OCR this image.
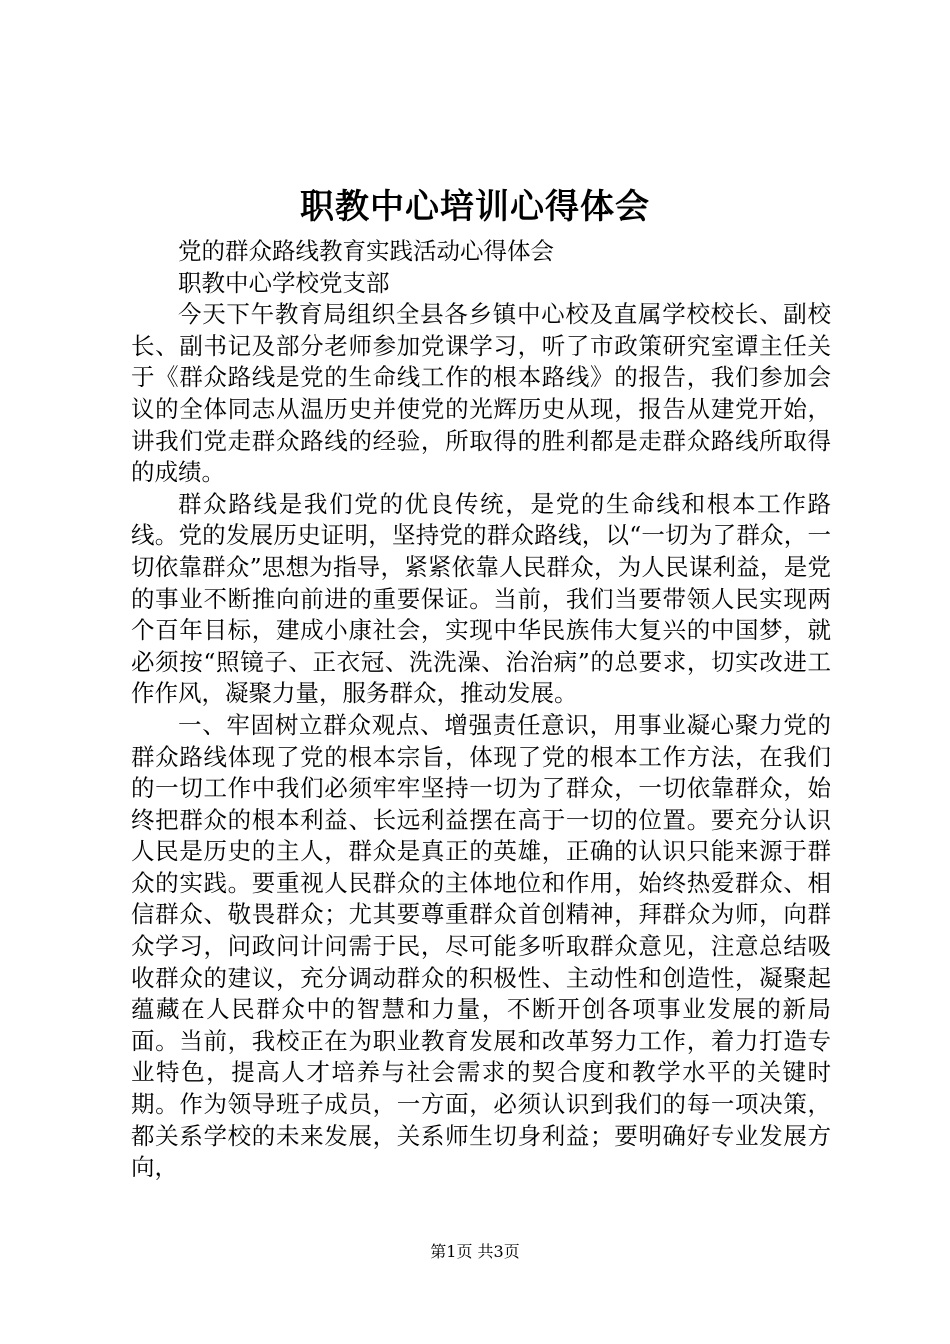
职教中心培训心得体会

党的群众路线教育实践活动心得体会

职教中心学校党支部

今天下午教育局组织全县各乡镇中心校及直属学校校长、副校长、副书记及部分老师参加党课学习，听了市政策研究室谭主任关于《群众路线是党的生命线工作的根本路线》的报告，我们参加会议的全体同志从温历史并使党的光辉历史从现，报告从建党开始，讲我们党走群众路线的经验，所取得的胜利都是走群众路线所取得的成绩。

群众路线是我们党的优良传统，是党的生命线和根本工作路线。党的发展历史证明，坚持党的群众路线，以“一切为了群众，一切依靠群众”思想为指导，紧紧依靠人民群众，为人民谋利益，是党的事业不断推向前进的重要保证。当前，我们当要带领人民实现两个百年目标，建成小康社会，实现中华民族伟大复兴的中国梦，就必须按“照镜子、正衣冠、洗洗澡、治治病”的总要求，切实改进工作作风，凝聚力量，服务群众，推动发展。

一、牢固树立群众观点、增强责任意识，用事业凝心聚力党的群众路线体现了党的根本宗旨，体现了党的根本工作方法，在我们的一切工作中我们必须牢牢坚持一切为了群众，一切依靠群众，始终把群众的根本利益、长远利益摆在高于一切的位置。要充分认识人民是历史的主人，群众是真正的英雄，正确的认识只能来源于群众的实践。要重视人民群众的主体地位和作用，始终热爱群众、相信群众、敬畏群众；尤其要尊重群众首创精神，拜群众为师，向群众学习，问政问计问需于民，尽可能多听取群众意见，注意总结吸收群众的建议，充分调动群众的积极性、主动性和创造性，凝聚起蕴藏在人民群众中的智慧和力量，不断开创各项事业发展的新局面。当前，我校正在为职业教育发展和改革努力工作，着力打造专业特色，提高人才培养与社会需求的契合度和教学水平的关键时期。作为领导班子成员，一方面，必须认识到我们的每一项决策，都关系学校的未来发展，关系师生切身利益；要明确好专业发展方向，

第1页 共3页
